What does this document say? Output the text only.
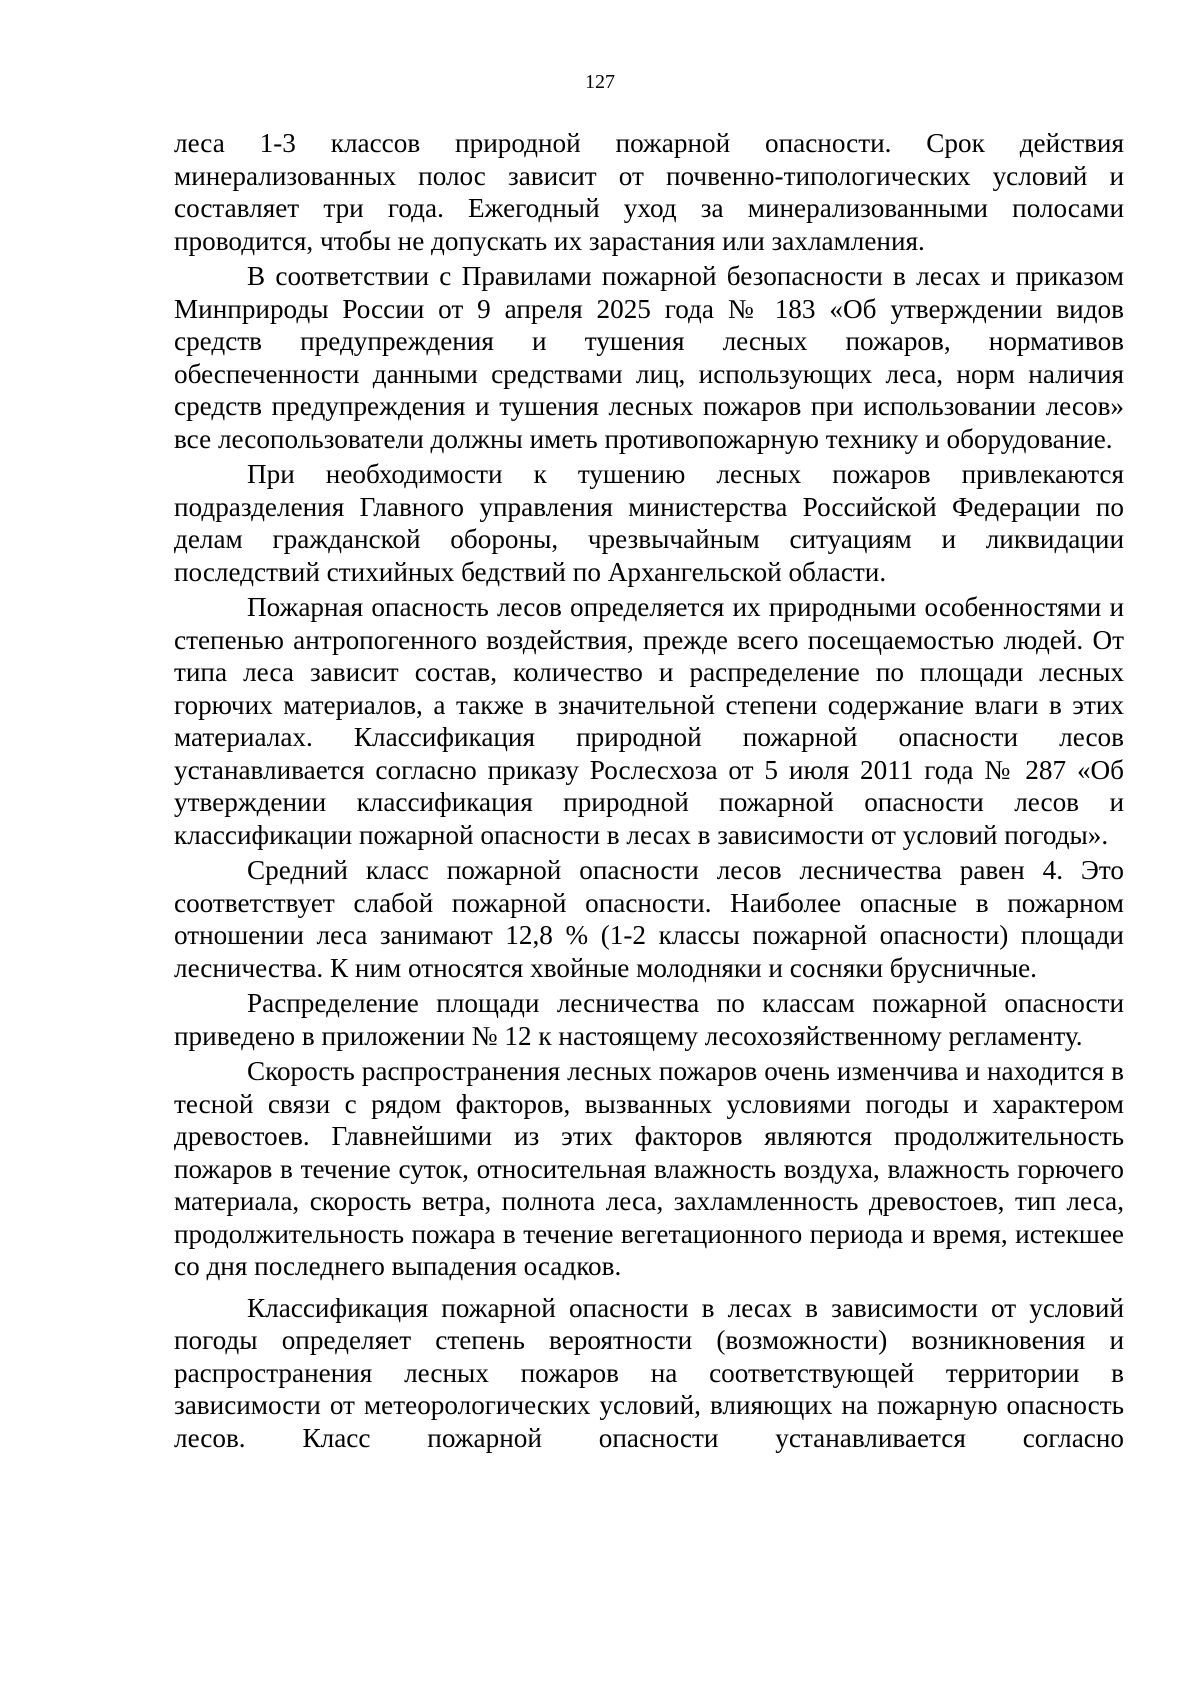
127

леса 1-3 классов природной пожарной опасности. Срок действия минерализованных полос зависит от почвенно-типологических условий и составляет три года. Ежегодный уход за минерализованными полосами проводится, чтобы не допускать их зарастания или захламления.

В соответствии с Правилами пожарной безопасности в лесах и приказом Минприроды России от 9 апреля 2025 года № 183 «Об утверждении видов средств предупреждения и тушения лесных пожаров, нормативов обеспеченности данными средствами лиц, использующих леса, норм наличия средств предупреждения и тушения лесных пожаров при использовании лесов» все лесопользователи должны иметь противопожарную технику и оборудование.

При необходимости к тушению лесных пожаров привлекаются подразделения Главного управления министерства Российской Федерации по делам гражданской обороны, чрезвычайным ситуациям и ликвидации последствий стихийных бедствий по Архангельской области.

Пожарная опасность лесов определяется их природными особенностями и степенью антропогенного воздействия, прежде всего посещаемостью людей. От типа леса зависит состав, количество и распределение по площади лесных горючих материалов, а также в значительной степени содержание влаги в этих материалах. Классификация природной пожарной опасности лесов устанавливается согласно приказу Рослесхоза от 5 июля 2011 года № 287 «Об утверждении классификация природной пожарной опасности лесов и классификации пожарной опасности в лесах в зависимости от условий погоды».

Средний класс пожарной опасности лесов лесничества равен 4. Это соответствует слабой пожарной опасности. Наиболее опасные в пожарном отношении леса занимают 12,8 % (1-2 классы пожарной опасности) площади лесничества. К ним относятся хвойные молодняки и сосняки брусничные.

Распределение площади лесничества по классам пожарной опасности приведено в приложении № 12 к настоящему лесохозяйственному регламенту.

Скорость распространения лесных пожаров очень изменчива и находится в тесной связи с рядом факторов, вызванных условиями погоды и характером древостоев. Главнейшими из этих факторов являются продолжительность пожаров в течение суток, относительная влажность воздуха, влажность горючего материала, скорость ветра, полнота леса, захламленность древостоев, тип леса, продолжительность пожара в течение вегетационного периода и время, истекшее со дня последнего выпадения осадков.

Классификация пожарной опасности в лесах в зависимости от условий погоды определяет степень вероятности (возможности) возникновения и распространения лесных пожаров на соответствующей территории в зависимости от метеорологических условий, влияющих на пожарную опасность лесов. Класс пожарной опасности устанавливается согласно
